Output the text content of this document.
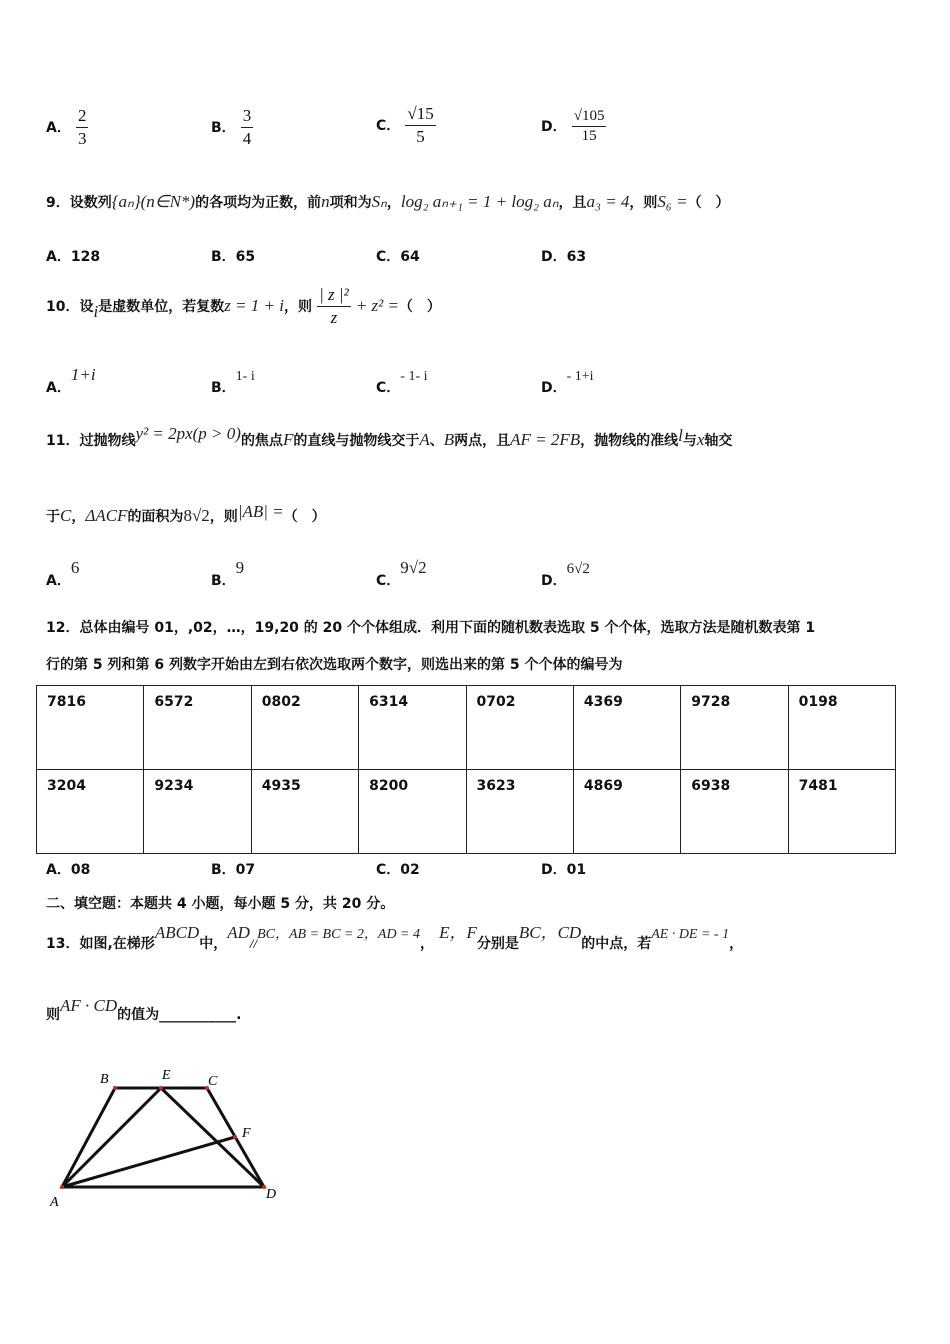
A． $\frac{2}{3}$	B． $\frac{3}{4}$	C． $\frac{√15}{5}$	D． $\frac{√105}{15}$
9．设数列{aₙ}(n∈N*)的各项均为正数，前n项和为Sₙ，log₂ aₙ₊₁ = 1 + log₂ aₙ，且a₃ = 4，则S₆ =（　）
A．128	B．65	C．64	D．63
10．设i是虚数单位，若复数z = 1 + i，则 $\frac{\text{| z |²}}{z} + z^2$ =（　）
A．1+i
B．1- i
C．- 1- i
D．- 1+i
11．过抛物线y² = 2px(p > 0)的焦点F的直线与抛物线交于A、B两点，且AF = 2FB，抛物线的准线l与x轴交
于C，ΔACF的面积为8√2，则|AB| =（　）
A．6
B．9
C．9√2
D．6√2
12．总体由编号 01，,02，…，19,20 的 20 个个体组成．利用下面的随机数表选取 5 个个体，选取方法是随机数表第 1
行的第 5 列和第 6 列数字开始由左到右依次选取两个数字，则选出来的第 5 个个体的编号为
7816	6572	0802	6314	0702	4369	9728	0198
3204	9234	4935	8200	3623	4869	6938	7481
A．08	B．07	C．02	D．01
二、填空题：本题共 4 小题，每小题 5 分，共 20 分。
13．如图,在梯形ABCD中，$AD_{//}BC$，AB = BC = 2，AD = 4， E，F分别是BC，CD的中点，若AE · DE = - 1，
则AF · CD的值为___________.
A
B	E	C
F
D
